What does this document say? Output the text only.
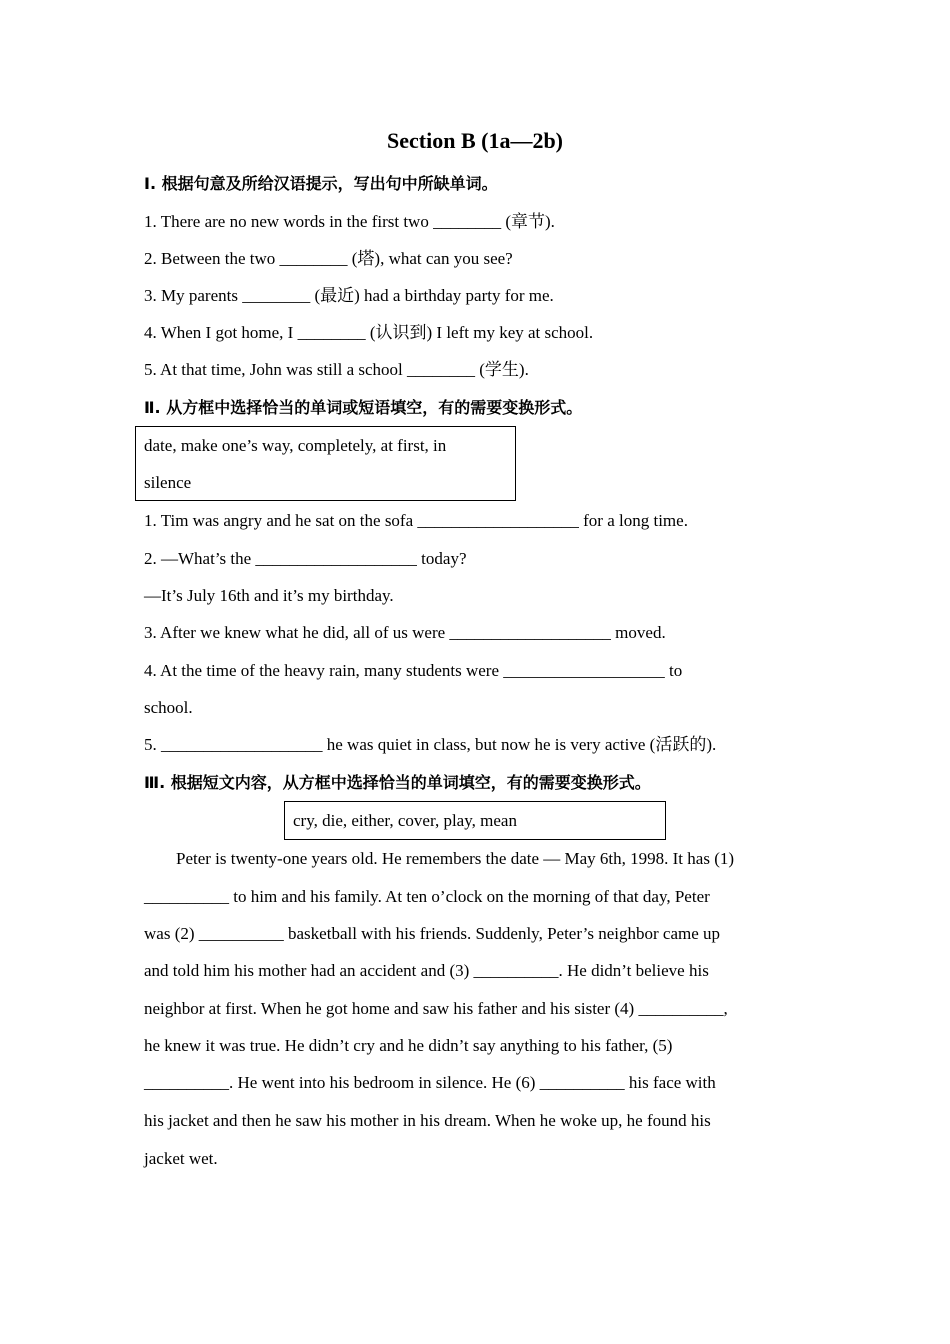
Section B (1a—2b)
Ⅰ. 根据句意及所给汉语提示，写出句中所缺单词。
1. There are no new words in the first two ________ (章节).
2. Between the two ________ (塔), what can you see?
3. My parents ________ (最近) had a birthday party for me.
4. When I got home, I ________ (认识到) I left my key at school.
5. At that time, John was still a school ________ (学生).
Ⅱ. 从方框中选择恰当的单词或短语填空，有的需要变换形式。
date, make one’s way, completely, at first, in
silence
1. Tim was angry and he sat on the sofa ___________________ for a long time.
2. —What’s the ___________________ today?
—It’s July 16th and it’s my birthday.
3. After we knew what he did, all of us were ___________________ moved.
4. At the time of the heavy rain, many students were ___________________ to
school.
5. ___________________ he was quiet in class, but now he is very active (活跃的).
Ⅲ. 根据短文内容，从方框中选择恰当的单词填空，有的需要变换形式。
cry, die, either, cover, play, mean
Peter is twenty-one years old. He remembers the date — May 6th, 1998. It has (1)
__________ to him and his family. At ten o’clock on the morning of that day, Peter
was (2) __________ basketball with his friends. Suddenly, Peter’s neighbor came up
and told him his mother had an accident and (3) __________. He didn’t believe his
neighbor at first. When he got home and saw his father and his sister (4) __________,
he knew it was true. He didn’t cry and he didn’t say anything to his father, (5)
__________. He went into his bedroom in silence. He (6) __________ his face with
his jacket and then he saw his mother in his dream. When he woke up, he found his
jacket wet.
